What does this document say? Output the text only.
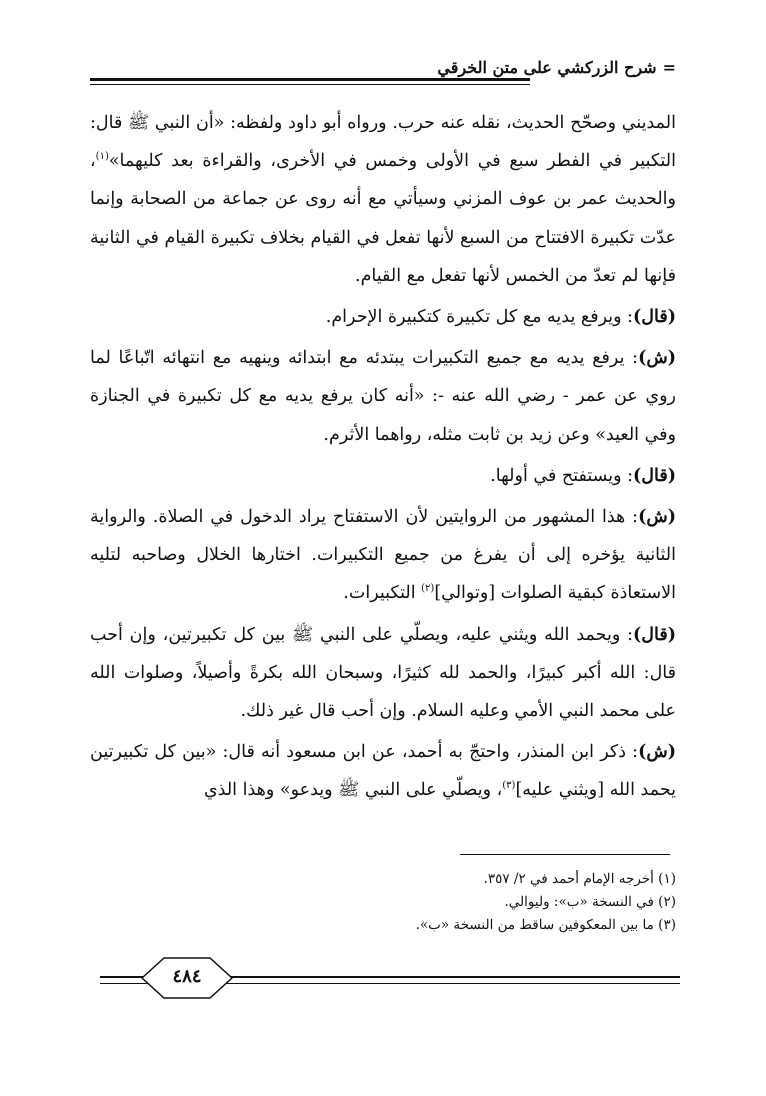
=شرح الزركشي على متن الخرقي

المديني وصحّح الحديث، نقله عنه حرب. ورواه أبو داود ولفظه: «أن النبي ﷺ قال: التكبير في الفطر سبع في الأولى وخمس في الأخرى، والقراءة بعد كليهما»$^{(١)}$، والحديث عمر بن عوف المزني وسيأتي مع أنه روى عن جماعة من الصحابة وإنما عدّت تكبيرة الافتتاح من السبع لأنها تفعل في القيام بخلاف تكبيرة القيام في الثانية فإنها لم تعدّ من الخمس لأنها تفعل مع القيام.

(قال): ويرفع يديه مع كل تكبيرة كتكبيرة الإحرام.

(ش): يرفع يديه مع جميع التكبيرات يبتدئه مع ابتدائه وينهيه مع انتهائه اتّباعًا لما روي عن عمر - رضي الله عنه -: «أنه كان يرفع يديه مع كل تكبيرة في الجنازة وفي العيد» وعن زيد بن ثابت مثله، رواهما الأثرم.

(قال): ويستفتح في أولها.

(ش): هذا المشهور من الروايتين لأن الاستفتاح يراد الدخول في الصلاة. والرواية الثانية يؤخره إلى أن يفرغ من جميع التكبيرات. اختارها الخلال وصاحبه لتليه الاستعاذة كبقية الصلوات [وتوالي]$^{(٢)}$ التكبيرات.

(قال): ويحمد الله ويثني عليه، ويصلّي على النبي ﷺ بين كل تكبيرتين، وإن أحب قال: الله أكبر كبيرًا، والحمد لله كثيرًا، وسبحان الله بكرةً وأصيلاً، وصلوات الله على محمد النبي الأمي وعليه السلام. وإن أحب قال غير ذلك.

(ش): ذكر ابن المنذر، واحتجّ به أحمد، عن ابن مسعود أنه قال: «بين كل تكبيرتين يحمد الله [ويثني عليه]$^{(٣)}$، ويصلّي على النبي ﷺ ويدعو» وهذا الذي

(١) أخرجه الإمام أحمد في ٢/ ٣٥٧.
(٢) في النسخة «ب»: وليوالي.
(٣) ما بين المعكوفين ساقط من النسخة «ب».
٤٨٤
